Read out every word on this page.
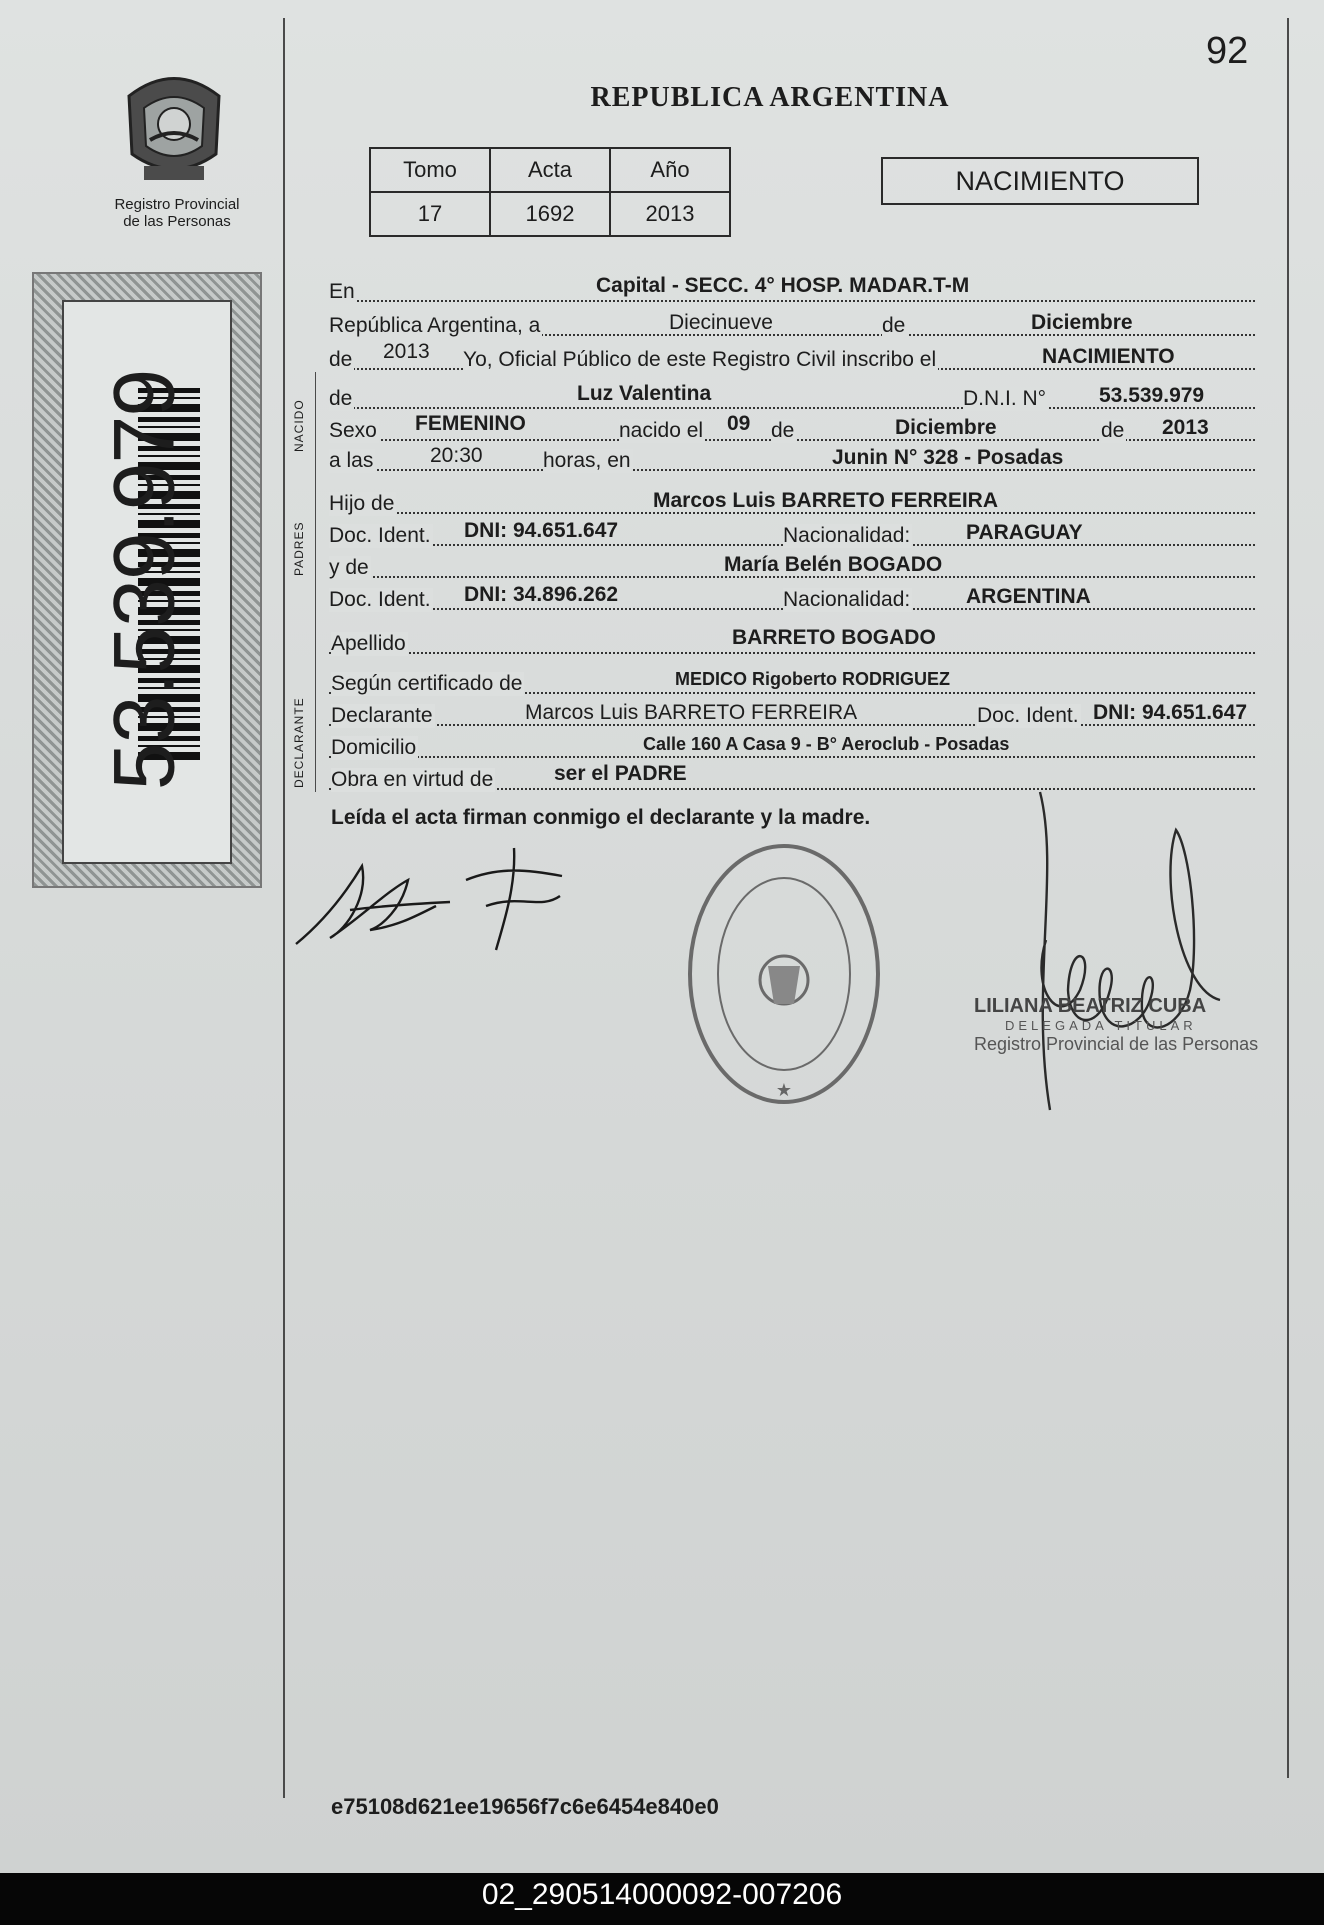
92
REPUBLICA ARGENTINA
Registro Provincial
de las Personas
Tomo	Acta	Año
17	1692	2013
NACIMIENTO
53.539.979	NACIDO
PADRES
DECLARANTE
En	Capital - SECC. 4° HOSP. MADAR.T-M
República Argentina, a	Diecinueve	de	Diciembre
de 2013 Yo, Oficial Público de este Registro Civil inscribo el	NACIMIENTO
de	Luz Valentina	D.N.I. N°	53.539.979
Sexo FEMENINO	nacido el 09 de	Diciembre	de 2013
a las	20:30	horas, en	Junin N° 328 - Posadas
Hijo de	Marcos Luis BARRETO FERREIRA
Doc. Ident. DNI: 94.651.647	Nacionalidad:	PARAGUAY
y de	María Belén BOGADO
Doc. Ident. DNI: 34.896.262	Nacionalidad:	ARGENTINA
Apellido	BARRETO BOGADO
Según certificado de	MEDICO Rigoberto RODRIGUEZ
Declarante	Marcos Luis BARRETO FERREIRA	Doc. Ident. DNI: 94.651.647
Domicilio	Calle 160 A Casa 9 - B° Aeroclub - Posadas
Obra en virtud de	ser el PADRE
Leída el acta firman conmigo el declarante y la madre.
★
LILIANA BEATRIZ CUBA
DELEGADA TITULAR
Registro Provincial de las Personas
e75108d621ee19656f7c6e6454e840e0
02_290514000092-007206
